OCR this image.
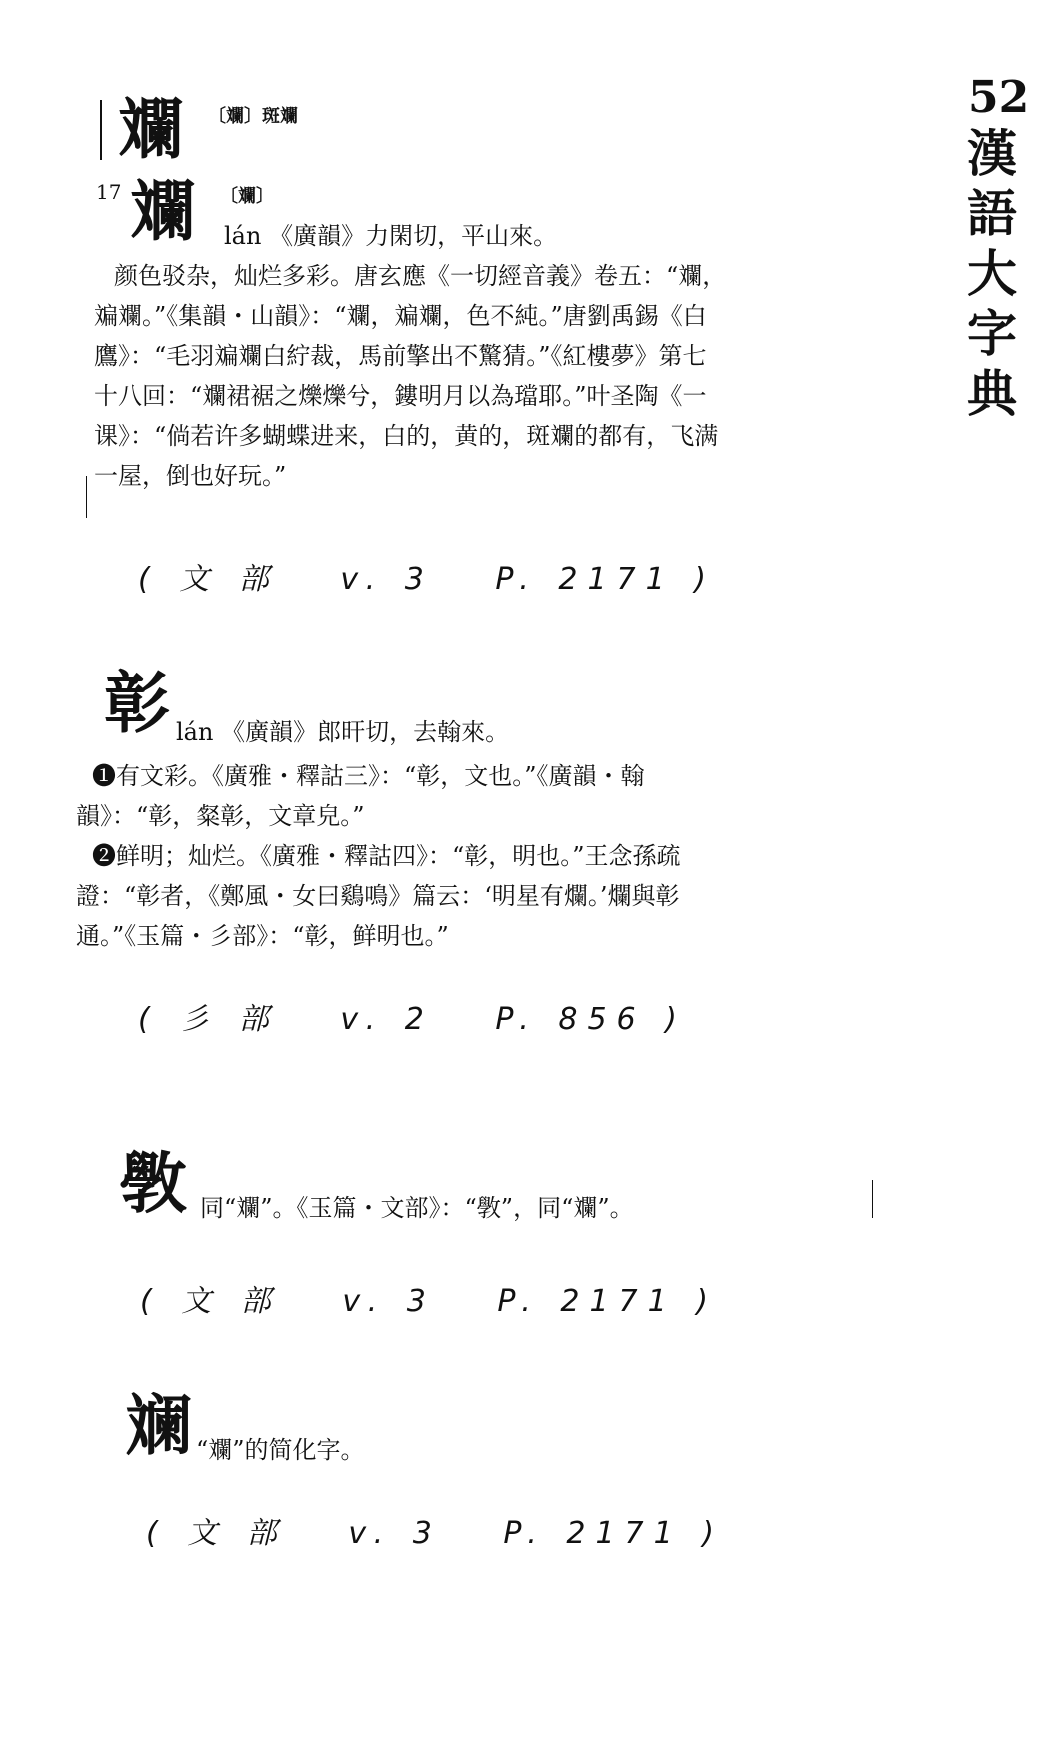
52
漢
語
大
字
典
斕 〔斕〕斑斕
17 斕 〔斕〕
lán 《廣韻》力閑切，平山來。
颜色驳杂，灿烂多彩。唐玄應《一切經音義》卷五：“斕，
斒斕。”《集韻・山韻》：“斕，斒斕，色不純。”唐劉禹錫《白
鷹》：“毛羽斒斕白紵裁，馬前擎出不驚猜。”《紅樓夢》第七
十八回：“斕裙裾之爍爍兮，鏤明月以為璫耶。”叶圣陶《一
课》：“倘若许多蝴蝶进来，白的，黄的，斑斕的都有，飞满
一屋，倒也好玩。”
( 文 部 v. 3 P. 2171 )
彰 lán 《廣韻》郎旰切，去翰來。
❶有文彩。《廣雅・釋詁三》：“彰，文也。”《廣韻・翰
韻》：“彰，粲彰，文章皃。”
❷鲜明；灿烂。《廣雅・釋詁四》：“彰，明也。”王念孫疏
證：“彰者，《鄭風・女曰鷄鳴》篇云：‘明星有爛。’爛與彰
通。”《玉篇・彡部》：“彰，鲜明也。”
( 彡 部 v. 2 P. 856 )
斆 同“斕”。《玉篇・文部》：“斆”，同“斕”。
( 文 部 v. 3 P. 2171 )
斓 “斕”的简化字。
( 文 部 v. 3 P. 2171 )
